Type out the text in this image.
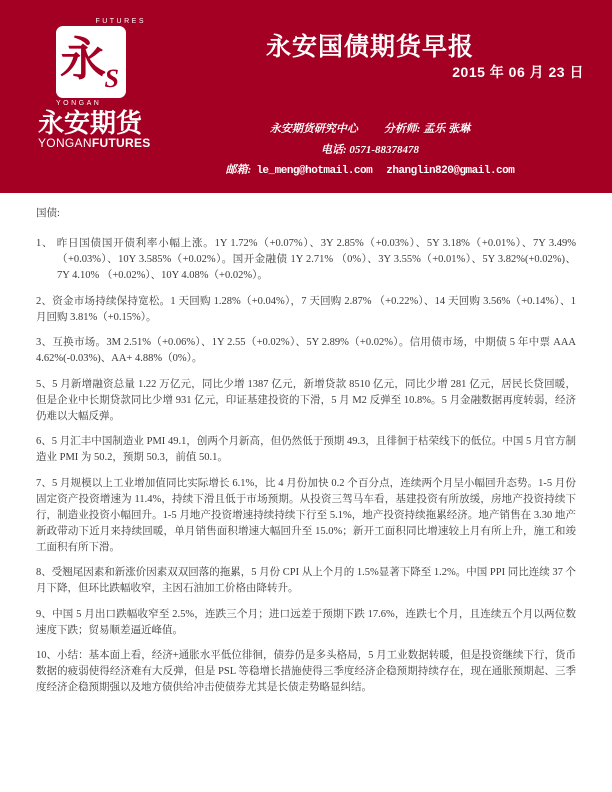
FUTURES
永
S
YONGAN
永安期货
YONGANFUTURES
永安国债期货早报
2015 年 06 月 23 日
永安期货研究中心 分析师: 孟乐 张琳
电话: 0571-88378478
邮箱: le_meng@hotmail.com zhanglin820@gmail.com

国债:

1、 昨日国债国开债利率小幅上涨。1Y 1.72%（+0.07%）、3Y 2.85%（+0.03%）、5Y 3.18%（+0.01%）、7Y 3.49%（+0.03%）、10Y 3.585%（+0.02%）。国开金融债 1Y 2.71% （0%）、3Y 3.55%（+0.01%）、5Y 3.82%(+0.02%)、 7Y 4.10% （+0.02%）、10Y 4.08%（+0.02%）。

2、资金市场持续保持宽松。1 天回购 1.28%（+0.04%），7 天回购 2.87% （+0.22%）、14 天回购 3.56%（+0.14%）、1 月回购 3.81%（+0.15%）。

3、互换市场。3M 2.51%（+0.06%）、1Y 2.55（+0.02%）、5Y 2.89%（+0.02%）。信用债市场，中期债 5 年中票 AAA 4.62%(-0.03%)、AA+ 4.88%（0%）。

5、5 月新增融资总量 1.22 万亿元，同比少增 1387 亿元，新增贷款 8510 亿元，同比少增 281 亿元，居民长贷回暖，但是企业中长期贷款同比少增 931 亿元，印证基建投资的下滑，5 月 M2 反弹至 10.8%。5 月金融数据再度转弱，经济仍难以大幅反弹。

6、5 月汇丰中国制造业 PMI 49.1，创两个月新高，但仍然低于预期 49.3，且徘徊于枯荣线下的低位。中国 5 月官方制造业 PMI 为 50.2，预期 50.3，前值 50.1。

7、5 月规模以上工业增加值同比实际增长 6.1%，比 4 月份加快 0.2 个百分点，连续两个月呈小幅回升态势。1-5 月份固定资产投资增速为 11.4%，持续下滑且低于市场预期。从投资三驾马车看，基建投资有所放缓，房地产投资持续下行，制造业投资小幅回升。1-5 月地产投资增速持续持续下行至 5.1%，地产投资持续拖累经济。地产销售在 3.30 地产新政带动下近月来持续回暖，单月销售面积增速大幅回升至 15.0%；新开工面积同比增速较上月有所上升，施工和竣工面积有所下滑。

8、受翘尾因素和新涨价因素双双回落的拖累，5 月份 CPI 从上个月的 1.5%显著下降至 1.2%。中国 PPI 同比连续 37 个月下降，但环比跌幅收窄，主因石油加工价格由降转升。

9、中国 5 月出口跌幅收窄至 2.5%，连跌三个月；进口远差于预期下跌 17.6%，连跌七个月，且连续五个月以两位数速度下跌；贸易顺差逼近峰值。

10、小结：基本面上看，经济+通胀水平低位徘徊，债券仍是多头格局，5 月工业数据转暖，但是投资继续下行，货币数据的疲弱使得经济难有大反弹，但是 PSL 等稳增长措施使得三季度经济企稳预期持续存在，现在通胀预期起、三季度经济企稳预期强以及地方债供给冲击使债券尤其是长债走势略显纠结。
